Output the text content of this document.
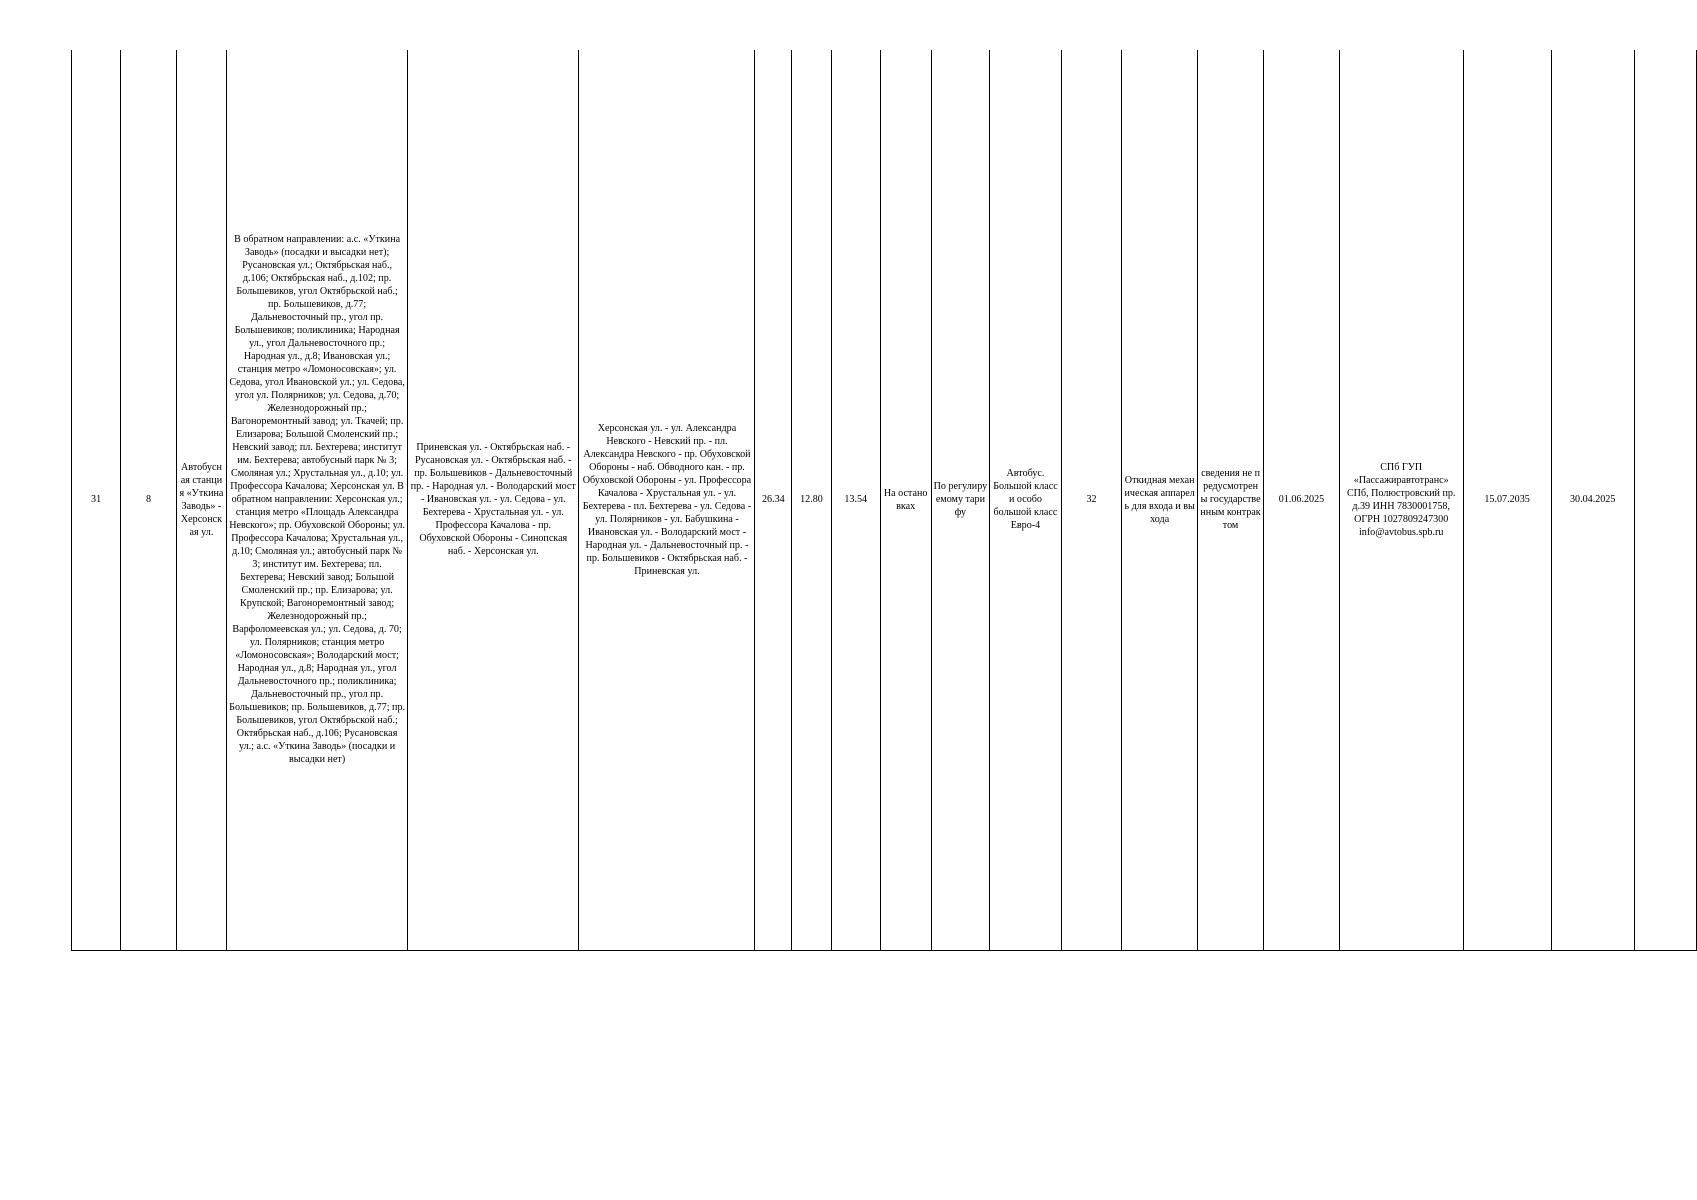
31	8	Автобусная станция «Уткина Заводь» - Херсонская ул.	В обратном направлении: а.с. «Уткина Заводь» (посадки и высадки нет); Русановская ул.; Октябрьская наб., д.106; Октябрьская наб., д.102; пр. Большевиков, угол Октябрьской наб.; пр. Большевиков, д.77; Дальневосточный пр., угол пр. Большевиков; поликлиника; Народная ул., угол Дальневосточного пр.; Народная ул., д.8; Ивановская ул.; станция метро «Ломоносовская»; ул. Седова, угол Ивановской ул.; ул. Седова, угол ул. Полярников; ул. Седова, д.70; Железнодорожный пр.; Вагоноремонтный завод; ул. Ткачей; пр. Елизарова; Большой Смоленский пр.; Невский завод; пл. Бехтерева; институт им. Бехтерева; автобусный парк № 3; Смоляная ул.; Хрустальная ул., д.10; ул. Профессора Качалова; Херсонская ул. В обратном направлении: Херсонская ул.; станция метро «Площадь Александра Невского»; пр. Обуховской Обороны; ул. Профессора Качалова; Хрустальная ул., д.10; Смоляная ул.; автобусный парк № 3; институт им. Бехтерева; пл. Бехтерева; Невский завод; Большой Смоленский пр.; пр. Елизарова; ул. Крупской; Вагоноремонтный завод; Железнодорожный пр.; Варфоломеевская ул.; ул. Седова, д. 70; ул. Полярников; станция метро «Ломоносовская»; Володарский мост; Народная ул., д.8; Народная ул., угол Дальневосточного пр.; поликлиника; Дальневосточный пр., угол пр. Большевиков; пр. Большевиков, д.77; пр. Большевиков, угол Октябрьской наб.; Октябрьская наб., д.106; Русановская ул.; а.с. «Уткина Заводь» (посадки и высадки нет)	Приневская ул. - Октябрьская наб. - Русановская ул. - Октябрьская наб. - пр. Большевиков - Дальневосточный пр. - Народная ул. - Володарский мост - Ивановская ул. - ул. Седова - ул. Бехтерева - Хрустальная ул. - ул. Профессора Качалова - пр. Обуховской Обороны - Синопская наб. - Херсонская ул.	Херсонская ул. - ул. Александра Невского - Невский пр. - пл. Александра Невского - пр. Обуховской Обороны - наб. Обводного кан. - пр. Обуховской Обороны - ул. Профессора Качалова - Хрустальная ул. - ул. Бехтерева - пл. Бехтерева - ул. Седова - ул. Полярников - ул. Бабушкина - Ивановская ул. - Володарский мост - Народная ул. - Дальневосточный пр. - пр. Большевиков - Октябрьская наб. - Приневская ул.	26.34	12.80	13.54	На остановках	По регулируемому тарифу	Автобус. Большой класс и особо большой класс Евро-4	32	Откидная механическая аппарель для входа и выхода	сведения не предусмотрены государственным контрактом	01.06.2025	СПб ГУП «Пассажиравтотранс» СПб, Полюстровский пр. д.39 ИНН 7830001758, ОГРН 1027809247300 info@avtobus.spb.ru	15.07.2035	30.04.2025	
